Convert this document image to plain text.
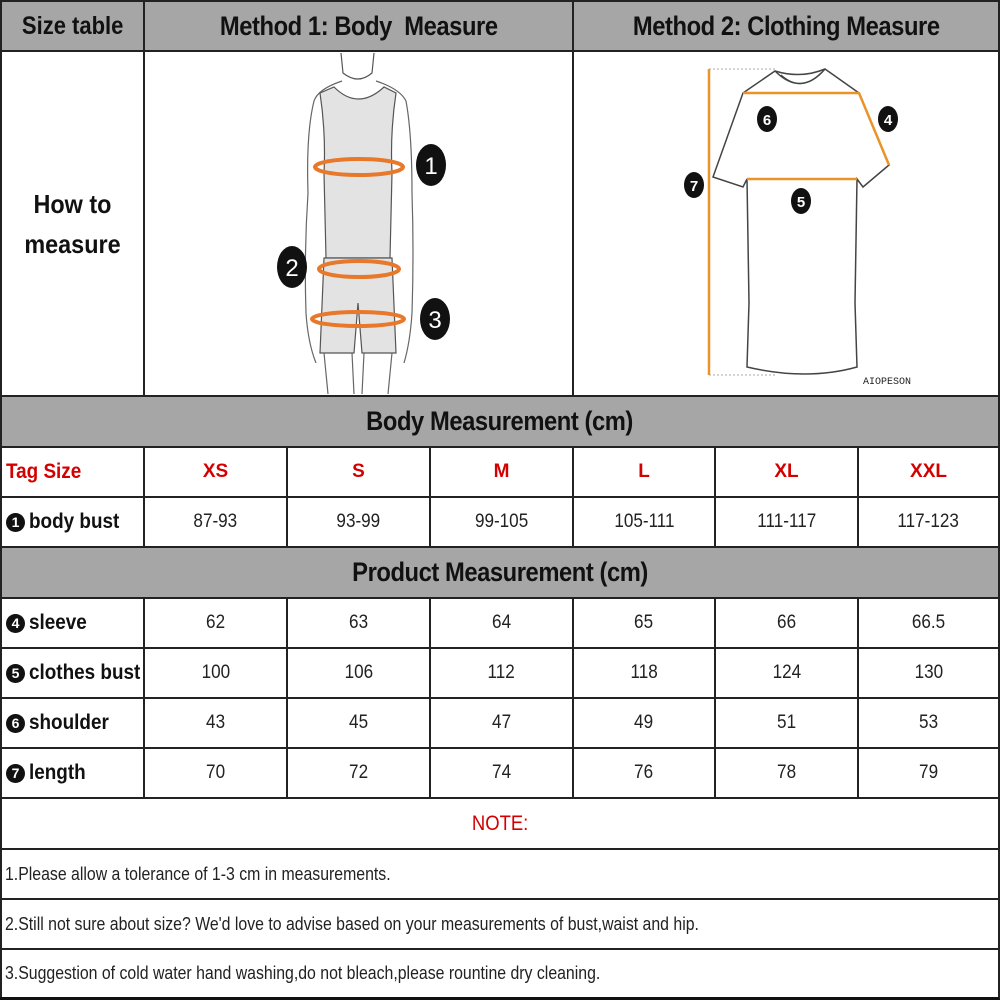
Size table	Method 1: Body  Measure	Method 2: Clothing Measure
How to
measure
1
2
3
6	4
7
5
AIOPESON
Body Measurement (cm)
Tag Size	XS	S	M	L	XL	XXL
1 body bust	87-93	93-99	99-105	105-111	111-117	117-123
Product Measurement (cm)
4 sleeve	62	63	64	65	66	66.5
5 clothes bust	100	106	112	118	124	130
6 shoulder	43	45	47	49	51	53
7 length	70	72	74	76	78	79
NOTE:
1.Please allow a tolerance of 1-3 cm in measurements.
2.Still not sure about size? We'd love to advise based on your measurements of bust,waist and hip.
3.Suggestion of cold water hand washing,do not bleach,please rountine dry cleaning.
